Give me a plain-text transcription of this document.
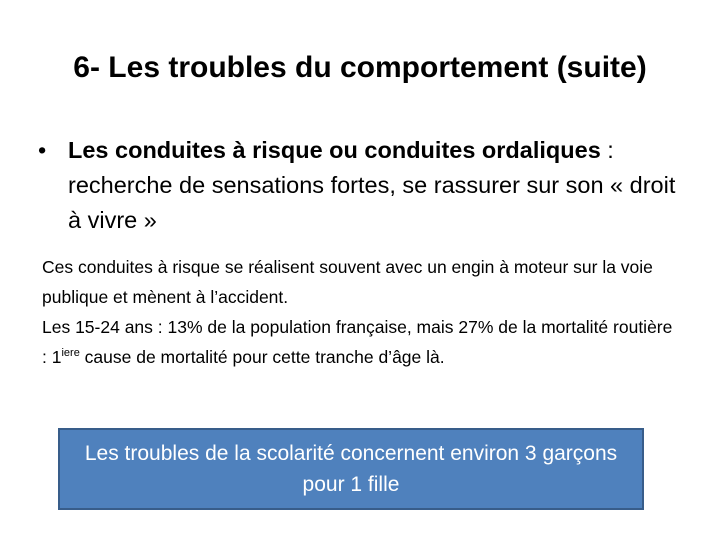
6- Les troubles du comportement (suite)
• Les conduites à risque ou conduites ordaliques : recherche de sensations fortes, se rassurer sur son « droit à vivre »
Ces conduites à risque se réalisent souvent avec un engin à moteur sur la voie publique et mènent à l’accident.
Les 15-24 ans : 13% de la population française, mais 27% de la mortalité routière : $1^{iere}$ cause de mortalité pour cette tranche d’âge là.
Les troubles de la scolarité concernent environ 3 garçons pour 1 fille
